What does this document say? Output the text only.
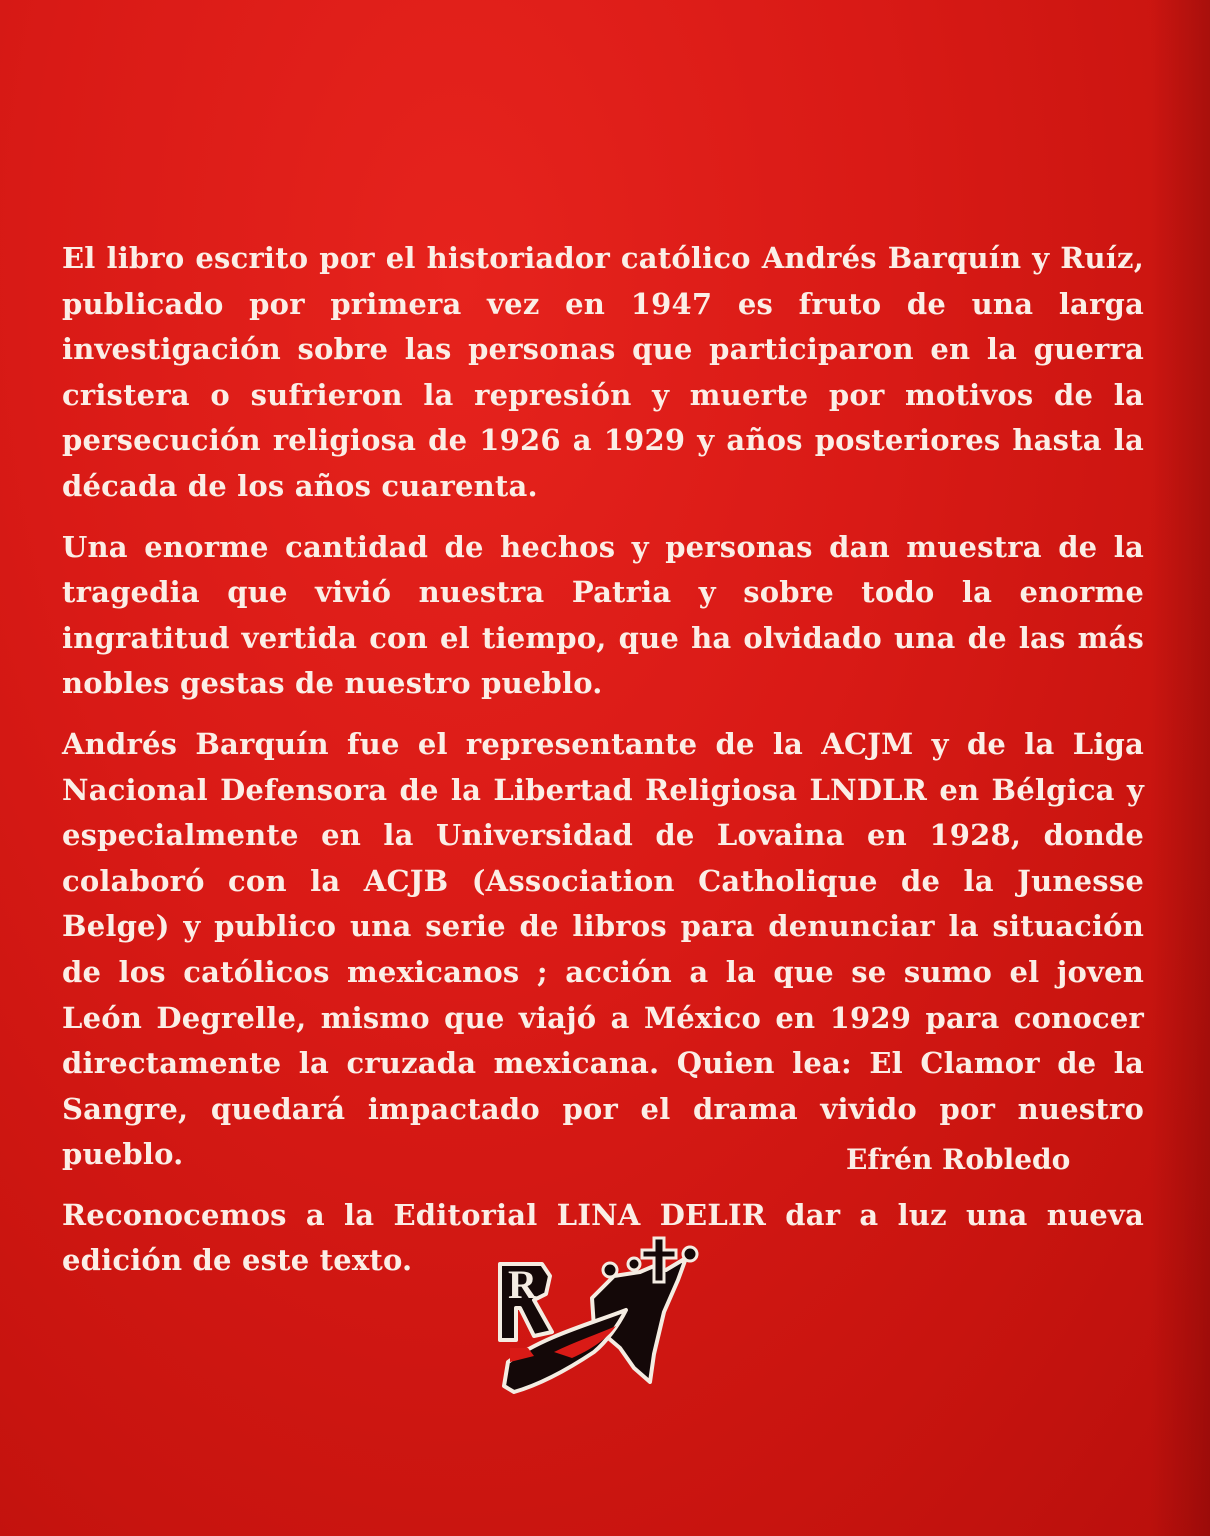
El libro escrito por el historiador católico Andrés Barquín y Ruíz, publicado por primera vez en 1947 es fruto de una larga investigación sobre las personas que participaron en la guerra cristera o sufrieron la represión y muerte por motivos de la persecución religiosa de 1926 a 1929 y años posteriores hasta la década de los años cuarenta.

Una enorme cantidad de hechos y personas dan muestra de la tragedia que vivió nuestra Patria y sobre todo la enorme ingratitud vertida con el tiempo, que ha olvidado una de las más nobles gestas de nuestro pueblo.

Andrés Barquín fue el representante de la ACJM y de la Liga Nacional Defensora de la Libertad Religiosa LNDLR en Bélgica y especialmente en la Universidad de Lovaina en 1928, donde colaboró con la ACJB (Association Catholique de la Junesse Belge) y publico una serie de libros para denunciar la situación de los católicos mexicanos ; acción a la que se sumo el joven León Degrelle, mismo que viajó a México en 1929 para conocer directamente la cruzada mexicana. Quien lea: El Clamor de la Sangre, quedará impactado por el drama vivido por nuestro pueblo.

Reconocemos a la Editorial LINA DELIR dar a luz una nueva edición de este texto.

Efrén Robledo
R
